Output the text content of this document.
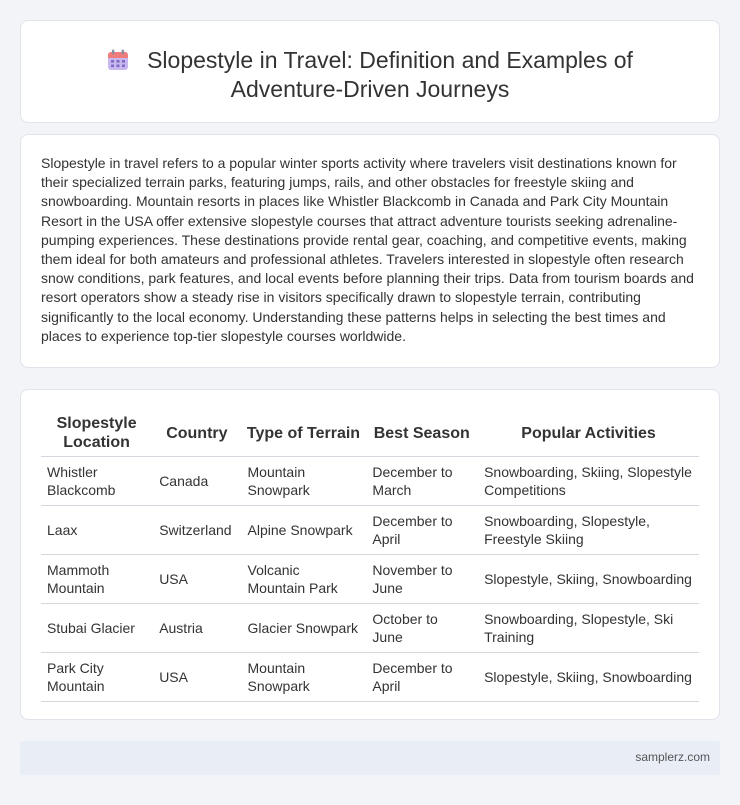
Slopestyle in Travel: Definition and Examples of
Adventure-Driven Journeys

Slopestyle in travel refers to a popular winter sports activity where travelers visit destinations known for their specialized terrain parks, featuring jumps, rails, and other obstacles for freestyle skiing and snowboarding. Mountain resorts in places like Whistler Blackcomb in Canada and Park City Mountain Resort in the USA offer extensive slopestyle courses that attract adventure tourists seeking adrenaline-pumping experiences. These destinations provide rental gear, coaching, and competitive events, making them ideal for both amateurs and professional athletes. Travelers interested in slopestyle often research snow conditions, park features, and local events before planning their trips. Data from tourism boards and resort operators show a steady rise in visitors specifically drawn to slopestyle terrain, contributing significantly to the local economy. Understanding these patterns helps in selecting the best times and places to experience top-tier slopestyle courses worldwide.

Slopestyle Location	Country	Type of Terrain	Best Season	Popular Activities
Whistler Blackcomb	Canada	Mountain Snowpark	December to March	Snowboarding, Skiing, Slopestyle Competitions
Laax	Switzerland	Alpine Snowpark	December to April	Snowboarding, Slopestyle, Freestyle Skiing
Mammoth Mountain	USA	Volcanic Mountain Park	November to June	Slopestyle, Skiing, Snowboarding
Stubai Glacier	Austria	Glacier Snowpark	October to June	Snowboarding, Slopestyle, Ski Training
Park City Mountain	USA	Mountain Snowpark	December to April	Slopestyle, Skiing, Snowboarding
samplerz.com
